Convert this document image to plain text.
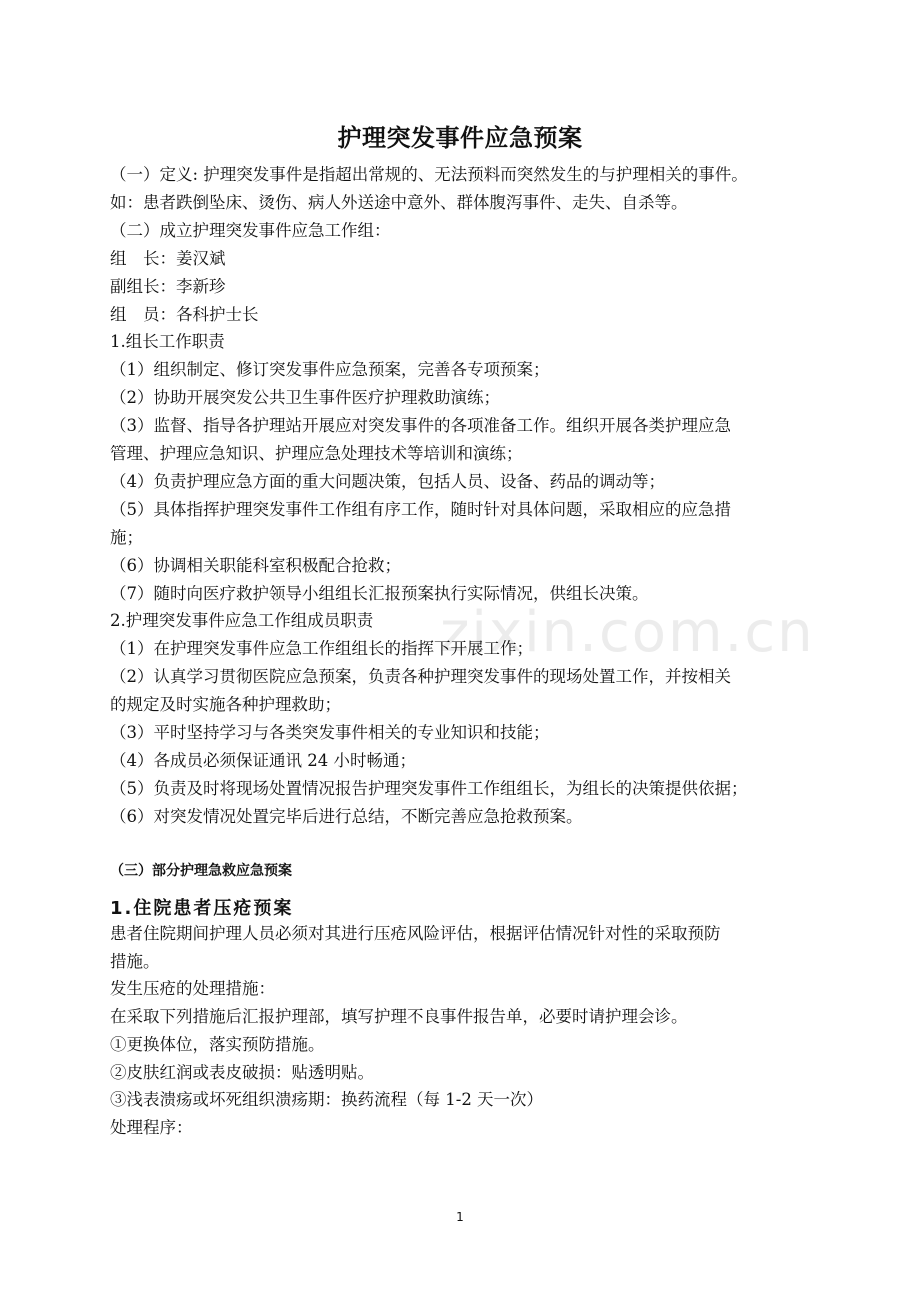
zixin.com.cn
护理突发事件应急预案
（一）定义: 护理突发事件是指超出常规的、无法预料而突然发生的与护理相关的事件。
如：患者跌倒坠床、烫伤、病人外送途中意外、群体腹泻事件、走失、自杀等。
（二）成立护理突发事件应急工作组：
组　长：姜汉斌
副组长：李新珍
组　员：各科护士长
1.组长工作职责
（1）组织制定、修订突发事件应急预案，完善各专项预案；
（2）协助开展突发公共卫生事件医疗护理救助演练；
（3）监督、指导各护理站开展应对突发事件的各项准备工作。组织开展各类护理应急
管理、护理应急知识、护理应急处理技术等培训和演练；
（4）负责护理应急方面的重大问题决策，包括人员、设备、药品的调动等；
（5）具体指挥护理突发事件工作组有序工作，随时针对具体问题，采取相应的应急措
施；
（6）协调相关职能科室积极配合抢救；
（7）随时向医疗救护领导小组组长汇报预案执行实际情况，供组长决策。
2.护理突发事件应急工作组成员职责
（1）在护理突发事件应急工作组组长的指挥下开展工作；
（2）认真学习贯彻医院应急预案，负责各种护理突发事件的现场处置工作，并按相关
的规定及时实施各种护理救助；
（3）平时坚持学习与各类突发事件相关的专业知识和技能；
（4）各成员必须保证通讯 24 小时畅通；
（5）负责及时将现场处置情况报告护理突发事件工作组组长，为组长的决策提供依据；
（6）对突发情况处置完毕后进行总结，不断完善应急抢救预案。
（三）部分护理急救应急预案
1.住院患者压疮预案
患者住院期间护理人员必须对其进行压疮风险评估，根据评估情况针对性的采取预防
措施。
发生压疮的处理措施：
在采取下列措施后汇报护理部，填写护理不良事件报告单，必要时请护理会诊。
①更换体位，落实预防措施。
②皮肤红润或表皮破损：贴透明贴。
③浅表溃疡或坏死组织溃疡期：换药流程（每 1-2 天一次）
处理程序：
1
